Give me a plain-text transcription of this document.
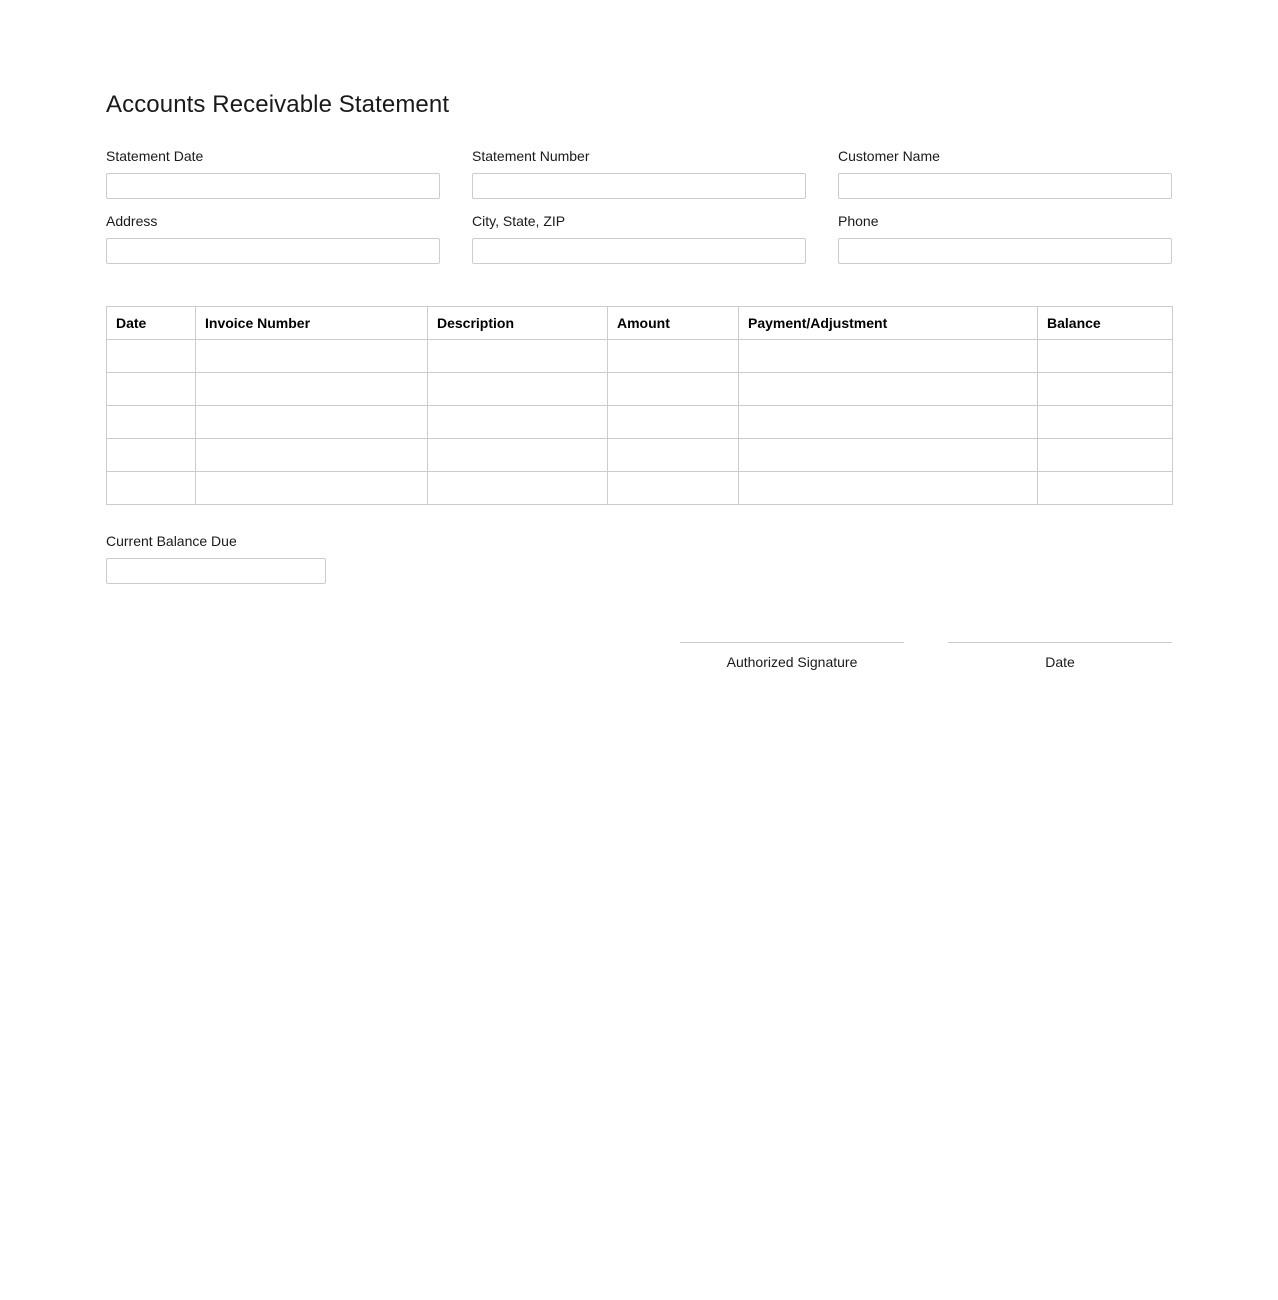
Accounts Receivable Statement
Statement Date	Statement Number	Customer Name
Address	City, State, ZIP	Phone
Date	Invoice Number	Description	Amount	Payment/Adjustment	Balance

Current Balance Due
Authorized Signature	Date
